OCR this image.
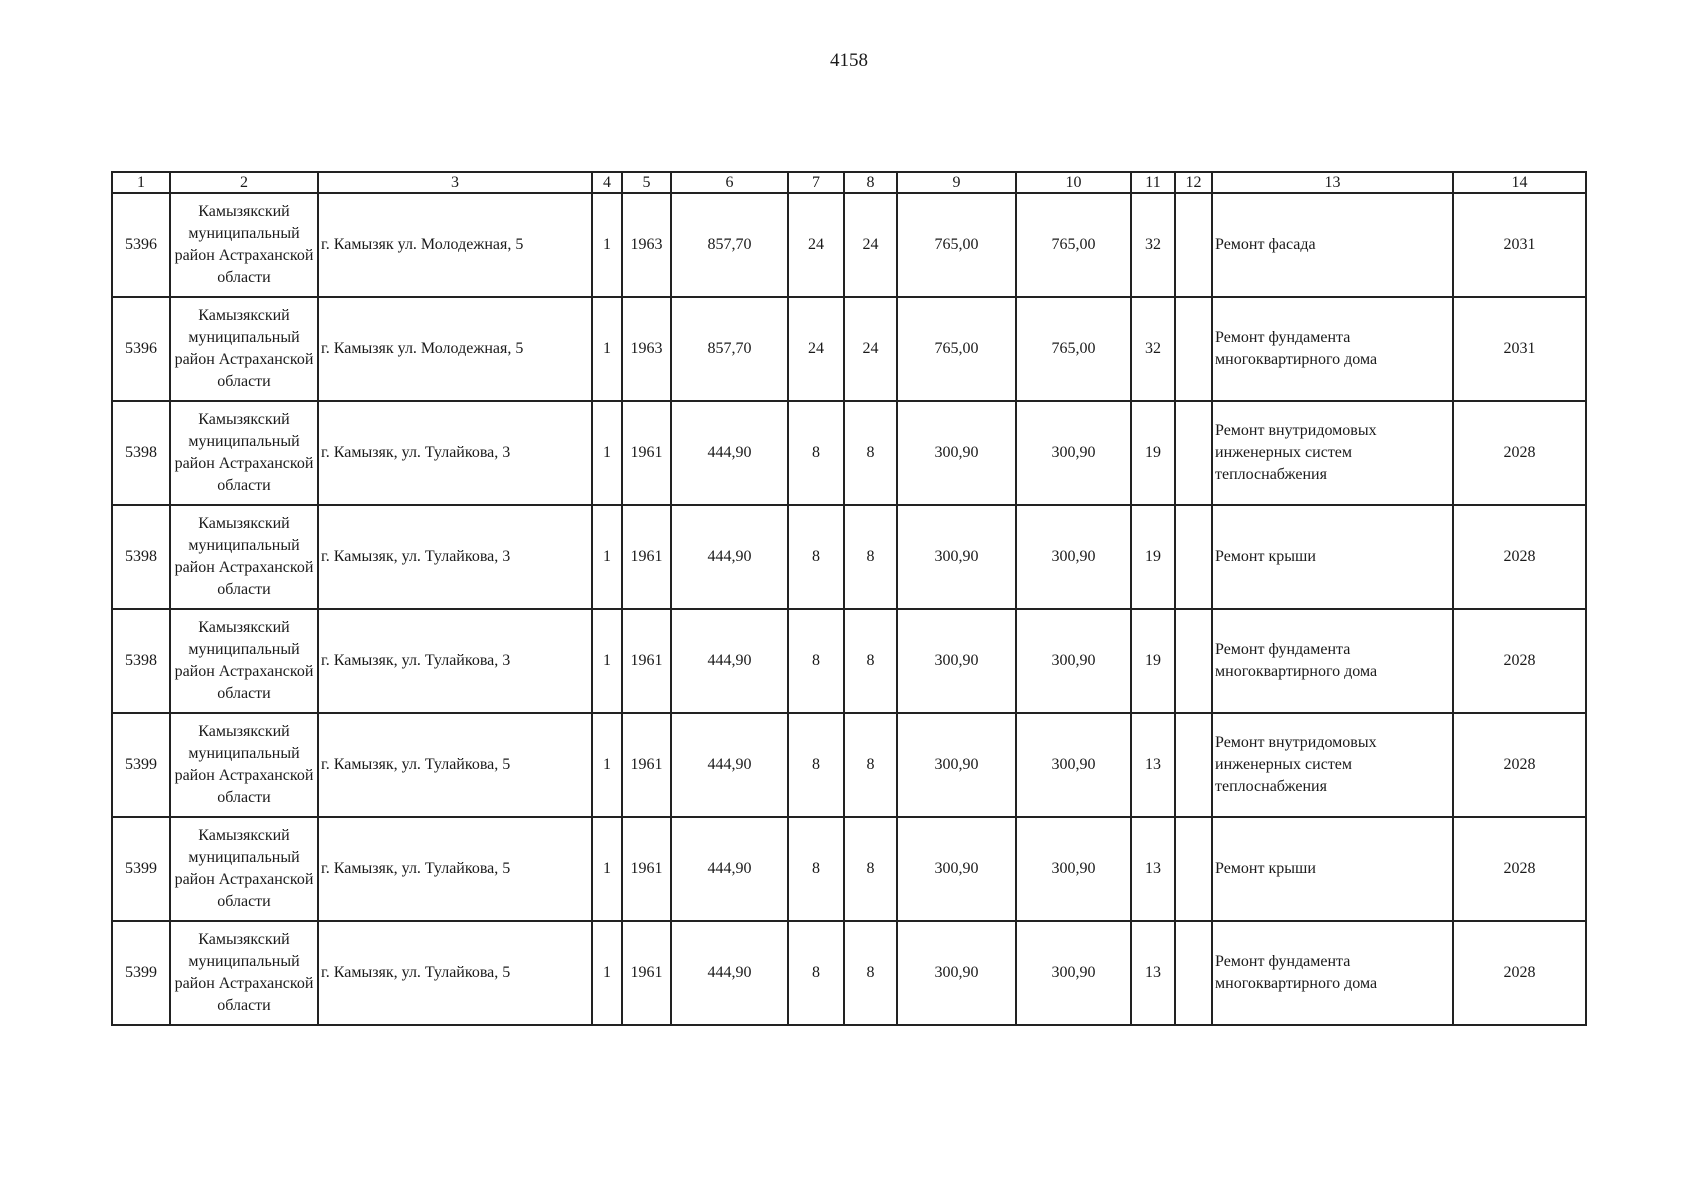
4158
1	2	3	4	5	6	7	8	9	10	11	12	13	14
5396	Камызякский муниципальный район Астраханской области	г. Камызяк ул. Молодежная, 5	1	1963	857,70	24	24	765,00	765,00	32		Ремонт фасада	2031
5396	Камызякский муниципальный район Астраханской области	г. Камызяк ул. Молодежная, 5	1	1963	857,70	24	24	765,00	765,00	32		Ремонт фундамента многоквартирного дома	2031
5398	Камызякский муниципальный район Астраханской области	г. Камызяк, ул. Тулайкова, 3	1	1961	444,90	8	8	300,90	300,90	19		Ремонт внутридомовых инженерных систем теплоснабжения	2028
5398	Камызякский муниципальный район Астраханской области	г. Камызяк, ул. Тулайкова, 3	1	1961	444,90	8	8	300,90	300,90	19		Ремонт крыши	2028
5398	Камызякский муниципальный район Астраханской области	г. Камызяк, ул. Тулайкова, 3	1	1961	444,90	8	8	300,90	300,90	19		Ремонт фундамента многоквартирного дома	2028
5399	Камызякский муниципальный район Астраханской области	г. Камызяк, ул. Тулайкова, 5	1	1961	444,90	8	8	300,90	300,90	13		Ремонт внутридомовых инженерных систем теплоснабжения	2028
5399	Камызякский муниципальный район Астраханской области	г. Камызяк, ул. Тулайкова, 5	1	1961	444,90	8	8	300,90	300,90	13		Ремонт крыши	2028
5399	Камызякский муниципальный район Астраханской области	г. Камызяк, ул. Тулайкова, 5	1	1961	444,90	8	8	300,90	300,90	13		Ремонт фундамента многоквартирного дома	2028
